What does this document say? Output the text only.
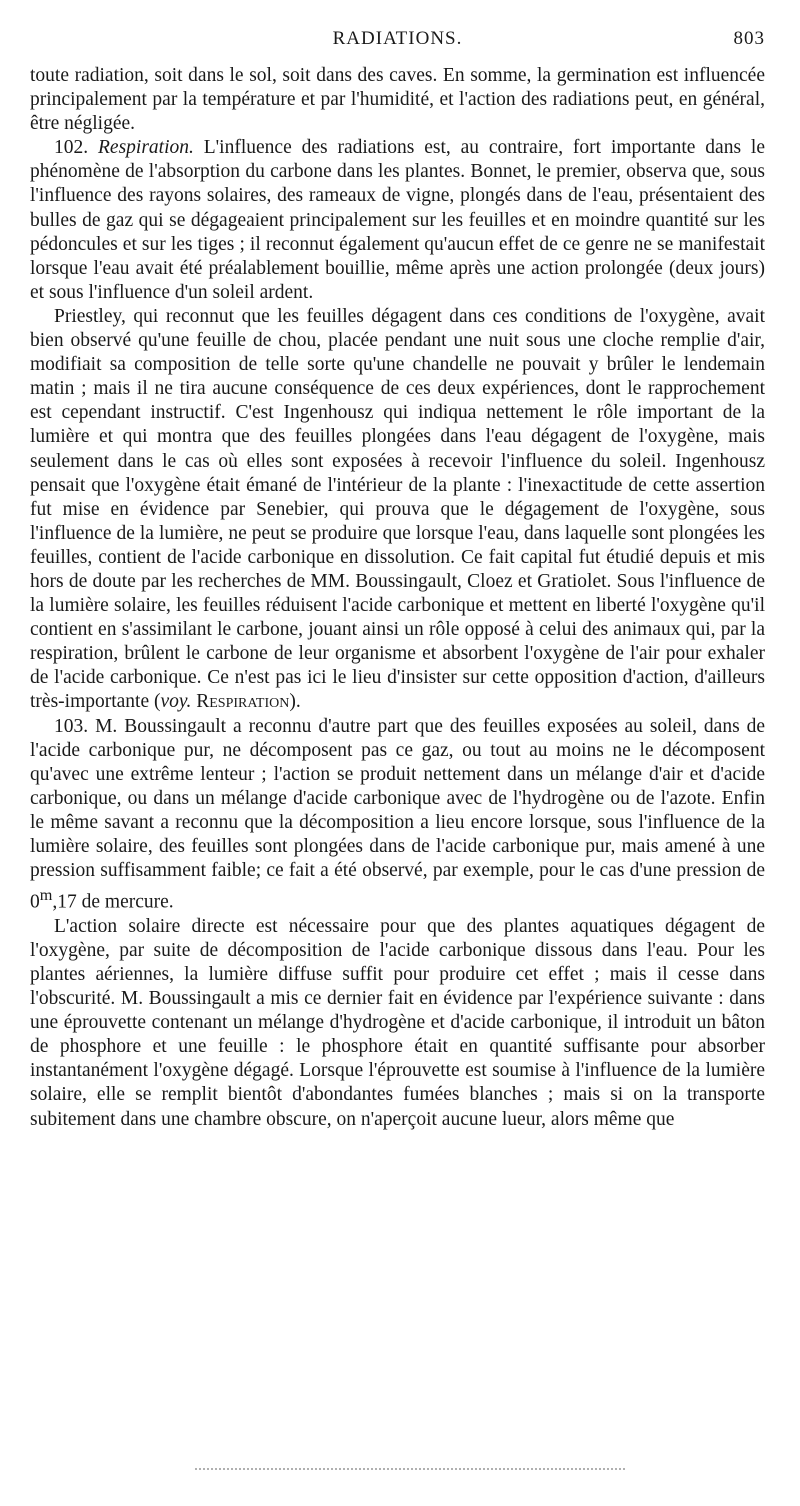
RADIATIONS.	803

toute radiation, soit dans le sol, soit dans des caves. En somme, la germination est influencée principalement par la température et par l'humidité, et l'action des radiations peut, en général, être négligée.

102. Respiration. L'influence des radiations est, au contraire, fort importante dans le phénomène de l'absorption du carbone dans les plantes. Bonnet, le premier, observa que, sous l'influence des rayons solaires, des rameaux de vigne, plongés dans de l'eau, présentaient des bulles de gaz qui se dégageaient principalement sur les feuilles et en moindre quantité sur les pédoncules et sur les tiges ; il reconnut également qu'aucun effet de ce genre ne se manifestait lorsque l'eau avait été préalablement bouillie, même après une action prolongée (deux jours) et sous l'influence d'un soleil ardent.

Priestley, qui reconnut que les feuilles dégagent dans ces conditions de l'oxygène, avait bien observé qu'une feuille de chou, placée pendant une nuit sous une cloche remplie d'air, modifiait sa composition de telle sorte qu'une chandelle ne pouvait y brûler le lendemain matin ; mais il ne tira aucune conséquence de ces deux expériences, dont le rapprochement est cependant instructif. C'est Ingenhousz qui indiqua nettement le rôle important de la lumière et qui montra que des feuilles plongées dans l'eau dégagent de l'oxygène, mais seulement dans le cas où elles sont exposées à recevoir l'influence du soleil. Ingenhousz pensait que l'oxygène était émané de l'intérieur de la plante : l'inexactitude de cette assertion fut mise en évidence par Senebier, qui prouva que le dégagement de l'oxygène, sous l'influence de la lumière, ne peut se produire que lorsque l'eau, dans laquelle sont plongées les feuilles, contient de l'acide carbonique en dissolution. Ce fait capital fut étudié depuis et mis hors de doute par les recherches de MM. Boussingault, Cloez et Gratiolet. Sous l'influence de la lumière solaire, les feuilles réduisent l'acide carbonique et mettent en liberté l'oxygène qu'il contient en s'assimilant le carbone, jouant ainsi un rôle opposé à celui des animaux qui, par la respiration, brûlent le carbone de leur organisme et absorbent l'oxygène de l'air pour exhaler de l'acide carbonique. Ce n'est pas ici le lieu d'insister sur cette opposition d'action, d'ailleurs très-importante (voy. Respiration).

103. M. Boussingault a reconnu d'autre part que des feuilles exposées au soleil, dans de l'acide carbonique pur, ne décomposent pas ce gaz, ou tout au moins ne le décomposent qu'avec une extrême lenteur ; l'action se produit nettement dans un mélange d'air et d'acide carbonique, ou dans un mélange d'acide carbonique avec de l'hydrogène ou de l'azote. Enfin le même savant a reconnu que la décomposition a lieu encore lorsque, sous l'influence de la lumière solaire, des feuilles sont plongées dans de l'acide carbonique pur, mais amené à une pression suffisamment faible; ce fait a été observé, par exemple, pour le cas d'une pression de 0$^m$,17 de mercure.

L'action solaire directe est nécessaire pour que des plantes aquatiques dégagent de l'oxygène, par suite de décomposition de l'acide carbonique dissous dans l'eau. Pour les plantes aériennes, la lumière diffuse suffit pour produire cet effet ; mais il cesse dans l'obscurité. M. Boussingault a mis ce dernier fait en évidence par l'expérience suivante : dans une éprouvette contenant un mélange d'hydrogène et d'acide carbonique, il introduit un bâton de phosphore et une feuille : le phosphore était en quantité suffisante pour absorber instantanément l'oxygène dégagé. Lorsque l'éprouvette est soumise à l'influence de la lumière solaire, elle se remplit bientôt d'abondantes fumées blanches ; mais si on la transporte subitement dans une chambre obscure, on n'aperçoit aucune lueur, alors même que
